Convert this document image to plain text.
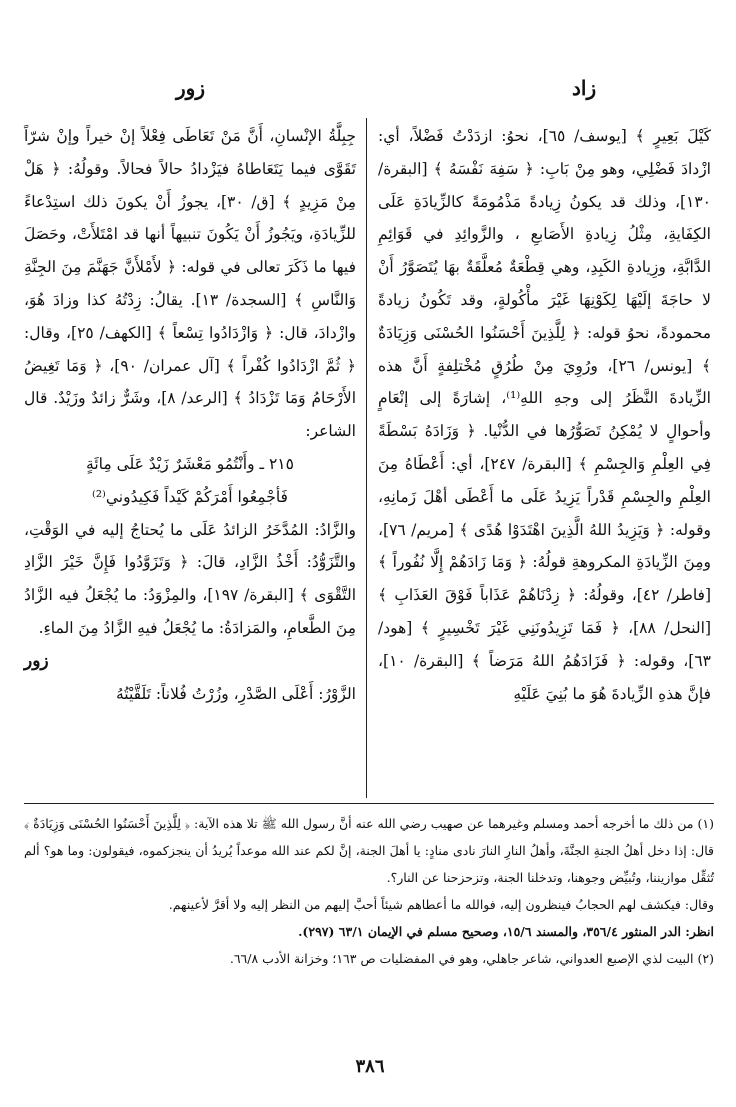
زاد
زور

كَيْلَ بَعِيرٍ ﴾ [يوسف/ ٦٥]، نحوُ: ازدَدْتُ فَضْلاً، أي: ازْدادَ فَضْلِي، وهو مِنْ بَابِ: ﴿ سَفِهَ نَفْسَهُ ﴾ [البقرة/ ١٣٠]، وذلك قد يكونُ زِيادةً مَذْمُومَةً كالزِّيادَةِ عَلَى الكِفَايةِ، مِثْلُ زِيادةِ الأَصَابعِ ، والزَّوائِدِ في قَوَائِمِ الدَّابَّةِ، وزِيادةِ الكَبِدِ، وهي قِطْعَةٌ مُعلَّقَةٌ بهَا يُتَصَوَّرُ أَنْ لا حاجَةَ إلَيْهَا لِكَوْنِهَا غَيْرَ مأْكُولةٍ، وقد تَكُونُ زيادةً محمودةً، نحوُ قوله: ﴿ لِلَّذِينَ أَحْسَنُوا الحُسْنَى وَزِيَادَةٌ ﴾ [يونس/ ٢٦]، ورُوِيَ مِنْ طُرُقٍ مُخْتلِفةٍ أَنَّ هذه الزِّيادةَ النَّظَرُ إلى وجهِ اللهِ⁽¹⁾، إشارَةً إلى إنْعَامٍ وأحوالٍ لا يُمْكِنُ تَصَوُّرُها في الدُّنْيا. ﴿ وَزَادَهُ بَسْطَةً فِي العِلْمِ وَالجِسْمِ ﴾ [البقرة/ ٢٤٧]، أي: أَعْطَاهُ مِنَ العِلْمِ والجِسْمِ قَدْراً يَزِيدُ عَلَى ما أَعْطَى أهْلَ زَمانِهِ، وقوله: ﴿ وَيَزِيدُ اللهُ الَّذِينَ اهْتَدَوْا هُدًى ﴾ [مريم/ ٧٦]، ومِنَ الزِّيادَةِ المكروهةِ قولُهُ: ﴿ وَمَا زَادَهُمْ إِلَّا نُفُوراً ﴾ [فاطر/ ٤٢]، وقولُهُ: ﴿ زِدْنَاهُمْ عَذَاباً فَوْقَ العَذَابِ ﴾ [النحل/ ٨٨]، ﴿ فَمَا تَزِيدُونَنِي غَيْرَ تَخْسِيرٍ ﴾ [هود/ ٦٣]، وقوله: ﴿ فَزَادَهُمُ اللهُ مَرَضاً ﴾ [البقرة/ ١٠]، فإنَّ هذهِ الزِّيادةَ هُوَ ما بُنِيَ عَلَيْهِ

جِبِلَّةُ الإنْسانِ، أَنَّ مَنْ تَعَاطَى فِعْلاً إنْ خيراً وإنْ شرّاً تَقَوَّى فيما يَتَعَاطاهُ فيَزْدادُ حالاً فحالاً. وقولُهُ: ﴿ هَلْ مِنْ مَزِيدٍ ﴾ [ق/ ٣٠]، يجوزُ أَنْ يكونَ ذلك استِدْعاءً للزِّيادَةِ، ويَجُوزُ أَنْ يَكُونَ تنبيهاً أنها قد امْتَلأَتْ، وحَصَلَ فيها ما ذَكَرَ تعالى في قوله: ﴿ لأَمْلأَنَّ جَهَنَّمَ مِنَ الجِنَّةِ وَالنَّاسِ ﴾ [السجدة/ ١٣]. يقالُ: زِدْتُهُ كذا وزادَ هُوَ، وازْدادَ، قال: ﴿ وَازْدَادُوا تِسْعاً ﴾ [الكهف/ ٢٥]، وقال: ﴿ ثُمَّ ازْدَادُوا كُفْراً ﴾ [آل عمران/ ٩٠]، ﴿ وَمَا تَغِيضُ الأَرْحَامُ وَمَا تَزْدَادُ ﴾ [الرعد/ ٨]، وشَرٌّ زائدٌ وزَيْدٌ. قال الشاعر:

٢١٥ ـ وأَنْتُمُو مَعْشَرٌ زَيْدٌ عَلَى مِائَةٍ

فَأجْمِعُوا أَمْرَكُمْ كَيْداً فَكِيدُوني⁽²⁾

والزَّادُ: المُدَّخَرُ الزائدُ عَلَى ما يُحتاجُ إليه في الوَقْتِ، والتَّزَوُّدُ: أَخْذُ الزَّادِ، قالَ: ﴿ وَتَزَوَّدُوا فَإِنَّ خَيْرَ الزَّادِ التَّقْوَى ﴾ [البقرة/ ١٩٧]، والمِزْوَدُ: ما يُجْعَلُ فيه الزَّادُ مِنَ الطَّعامِ، والمَزادَةُ: ما يُجْعَلُ فيهِ الزَّادُ مِنَ الماءِ.

زور

الزَّوْرُ: أَعْلَى الصَّدْرِ، وزُرْتُ فُلاناً: تَلَقَّيْتُهُ

(١) من ذلك ما أخرجه أحمد ومسلم وغيرهما عن صهيب رضي الله عنه أنَّ رسول الله ﷺ تلا هذه الآية: ﴿ لِلَّذِينَ أَحْسَنُوا الحُسْنَى وَزِيَادَةٌ ﴾ قال: إذا دخل أهلُ الجنةِ الجنَّةَ، وأهلُ النارِ النارَ نادى منادٍ: يا أهلَ الجنة، إنَّ لكم عند الله موعداً يُريدُ أن ينجزكموه، فيقولون: وما هو؟ ألم تُثقِّل موازيننا، وتُبيِّض وجوهنا، وتدخلنا الجنة، وتزحزحنا عن النار؟.

وقال: فيكشف لهم الحجابُ فينظرون إليه، فوالله ما أعطاهم شيئاً أحبَّ إليهم من النظر إليه ولا أقرَّ لأعينهم.

انظر: الدر المنثور ٣٥٦/٤، والمسند ١٥/٦، وصحيح مسلم في الإيمان ٦٣/١ (٢٩٧).

(٢) البيت لذي الإصبع العدواني، شاعر جاهلي، وهو في المفضليات ص ١٦٣؛ وخزانة الأدب ٦٦/٨.

٣٨٦
